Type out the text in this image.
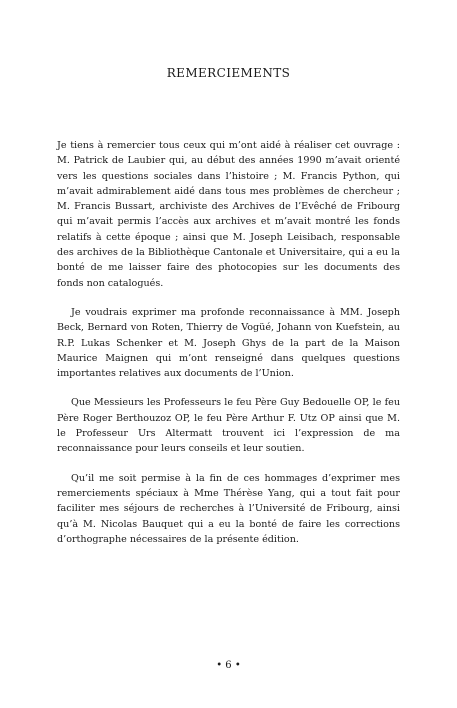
REMERCIEMENTS

Je tiens à remercier tous ceux qui m’ont aidé à réaliser cet ouvrage : M. Patrick de Laubier qui, au début des années 1990 m’avait orienté vers les questions sociales dans l’histoire ; M. Francis Python, qui m’avait admirablement aidé dans tous mes problèmes de chercheur ; M. Francis Bussart, archiviste des Archives de l’Evêché de Fribourg qui m’avait permis l’accès aux archives et m’avait montré les fonds relatifs à cette époque ; ainsi que M. Joseph Leisibach, responsable des archives de la Bibliothèque Cantonale et Universitaire, qui a eu la bonté de me laisser faire des photocopies sur les documents des fonds non catalogués.

Je voudrais exprimer ma profonde reconnaissance à MM. Joseph Beck, Bernard von Roten, Thierry de Vogüé, Johann von Kuefstein, au R.P. Lukas Schenker et M. Joseph Ghys de la part de la Maison Maurice Maignen qui m’ont renseigné dans quelques questions importantes relatives aux documents de l’Union.

Que Messieurs les Professeurs le feu Père Guy Bedouelle OP, le feu Père Roger Berthouzoz OP, le feu Père Arthur F. Utz OP ainsi que M. le Professeur Urs Altermatt trouvent ici l’expression de ma reconnaissance pour leurs conseils et leur soutien.

Qu’il me soit permise à la fin de ces hommages d’exprimer mes remerciements spéciaux à Mme Thérèse Yang, qui a tout fait pour faciliter mes séjours de recherches à l’Université de Fribourg, ainsi qu’à M. Nicolas Bauquet qui a eu la bonté de faire les corrections d’orthographe nécessaires de la présente édition.

• 6 •
